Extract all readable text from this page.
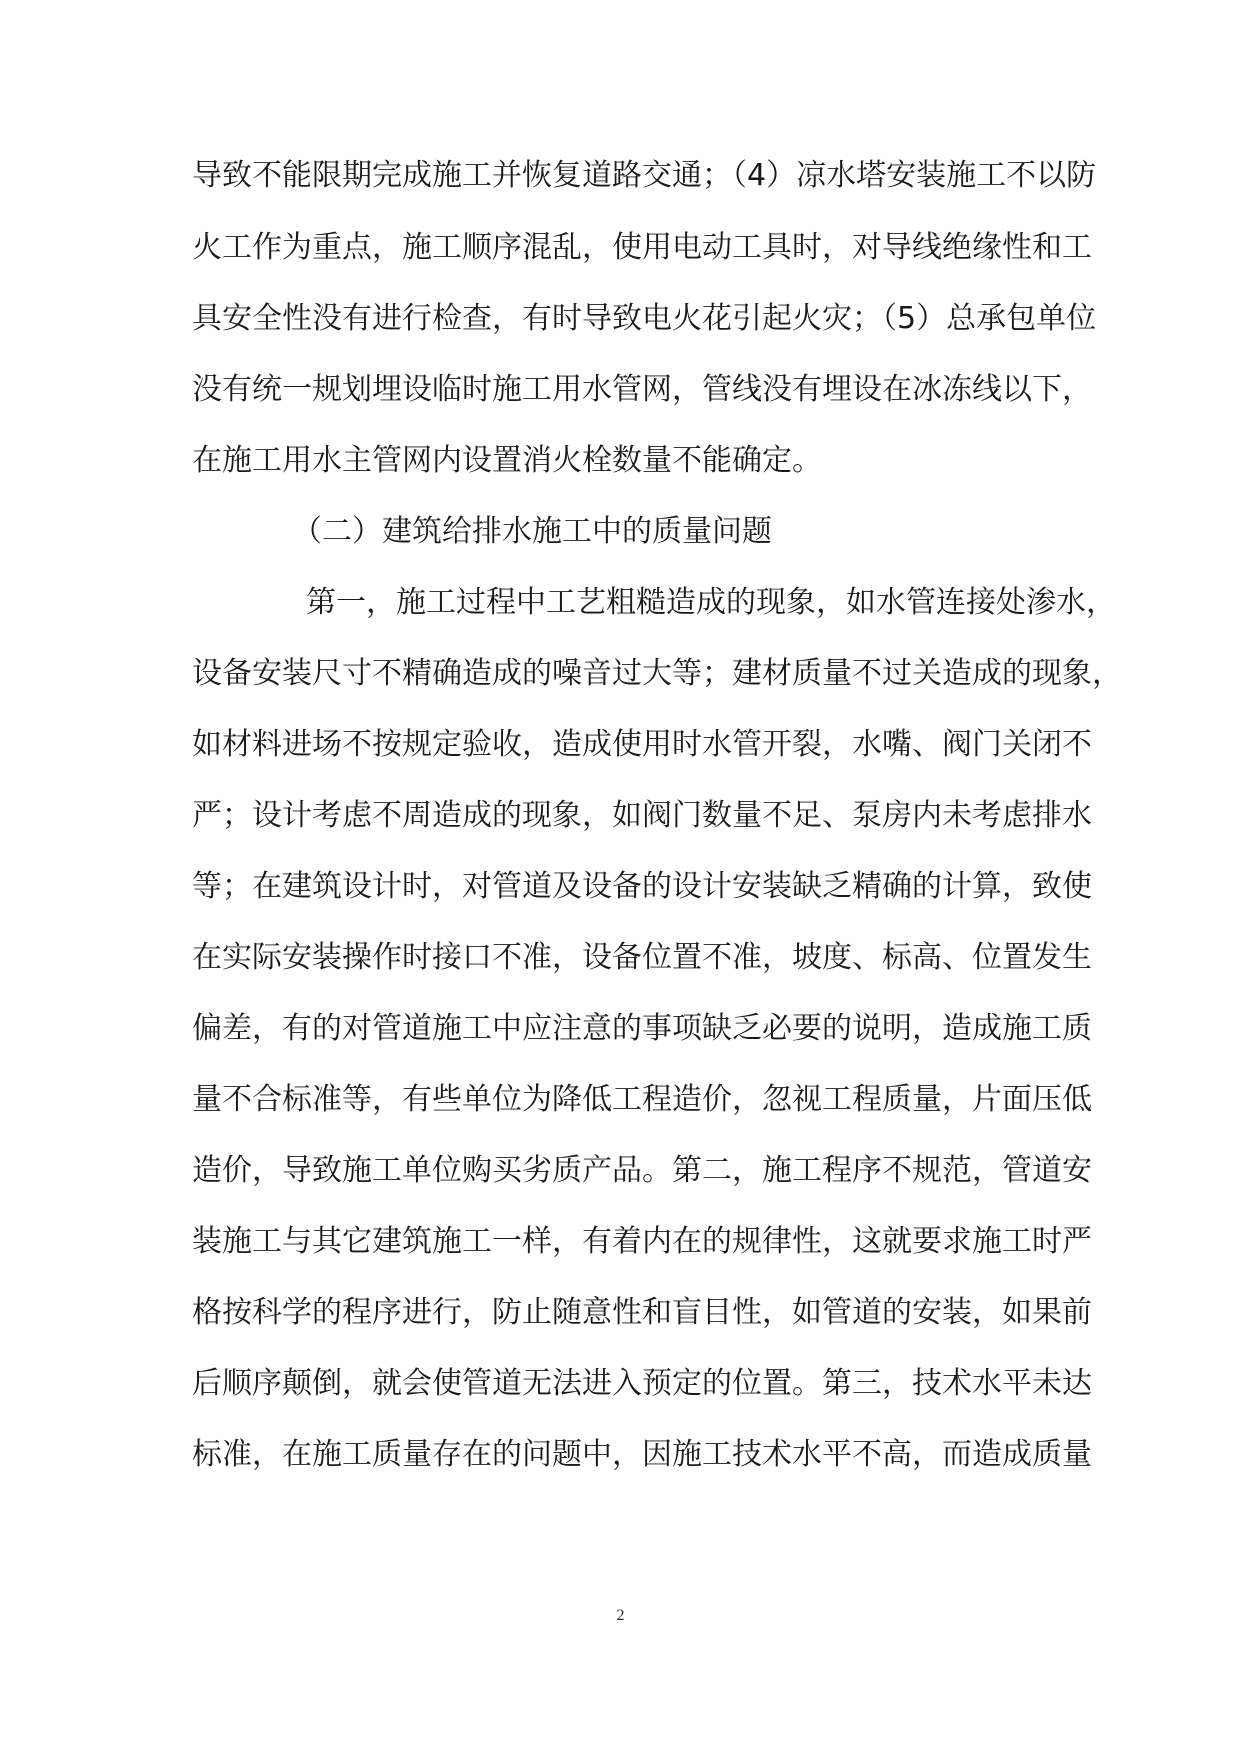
导致不能限期完成施工并恢复道路交通；（4）凉水塔安装施工不以防
火工作为重点，施工顺序混乱，使用电动工具时，对导线绝缘性和工
具安全性没有进行检查，有时导致电火花引起火灾；（5）总承包单位
没有统一规划埋设临时施工用水管网，管线没有埋设在冰冻线以下，
在施工用水主管网内设置消火栓数量不能确定。
（二）建筑给排水施工中的质量问题
第一，施工过程中工艺粗糙造成的现象，如水管连接处渗水，
设备安装尺寸不精确造成的噪音过大等；建材质量不过关造成的现象，
如材料进场不按规定验收，造成使用时水管开裂，水嘴、阀门关闭不
严；设计考虑不周造成的现象，如阀门数量不足、泵房内未考虑排水
等；在建筑设计时，对管道及设备的设计安装缺乏精确的计算，致使
在实际安装操作时接口不准，设备位置不准，坡度、标高、位置发生
偏差，有的对管道施工中应注意的事项缺乏必要的说明，造成施工质
量不合标准等，有些单位为降低工程造价，忽视工程质量，片面压低
造价，导致施工单位购买劣质产品。第二，施工程序不规范，管道安
装施工与其它建筑施工一样，有着内在的规律性，这就要求施工时严
格按科学的程序进行，防止随意性和盲目性，如管道的安装，如果前
后顺序颠倒，就会使管道无法进入预定的位置。第三，技术水平未达
标准，在施工质量存在的问题中，因施工技术水平不高，而造成质量
2
